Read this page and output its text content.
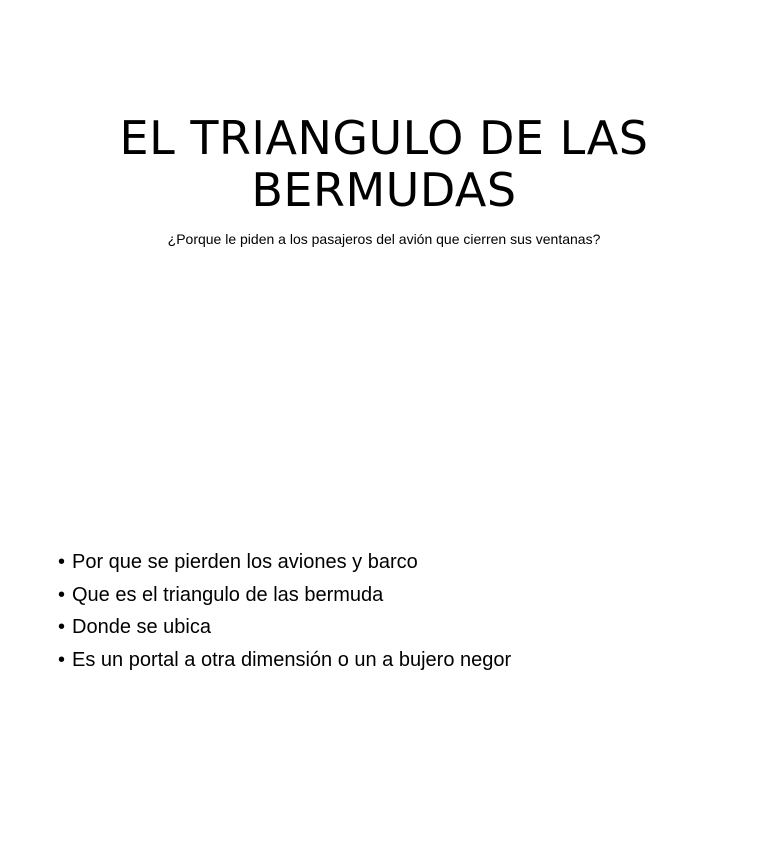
EL TRIANGULO DE LAS BERMUDAS

¿Porque le piden a los pasajeros del avión que cierren sus ventanas?

• Por que se pierden los aviones y barco
• Que es el triangulo de las bermuda
• Donde se ubica
• Es un portal a otra dimensión o un a bujero negor
